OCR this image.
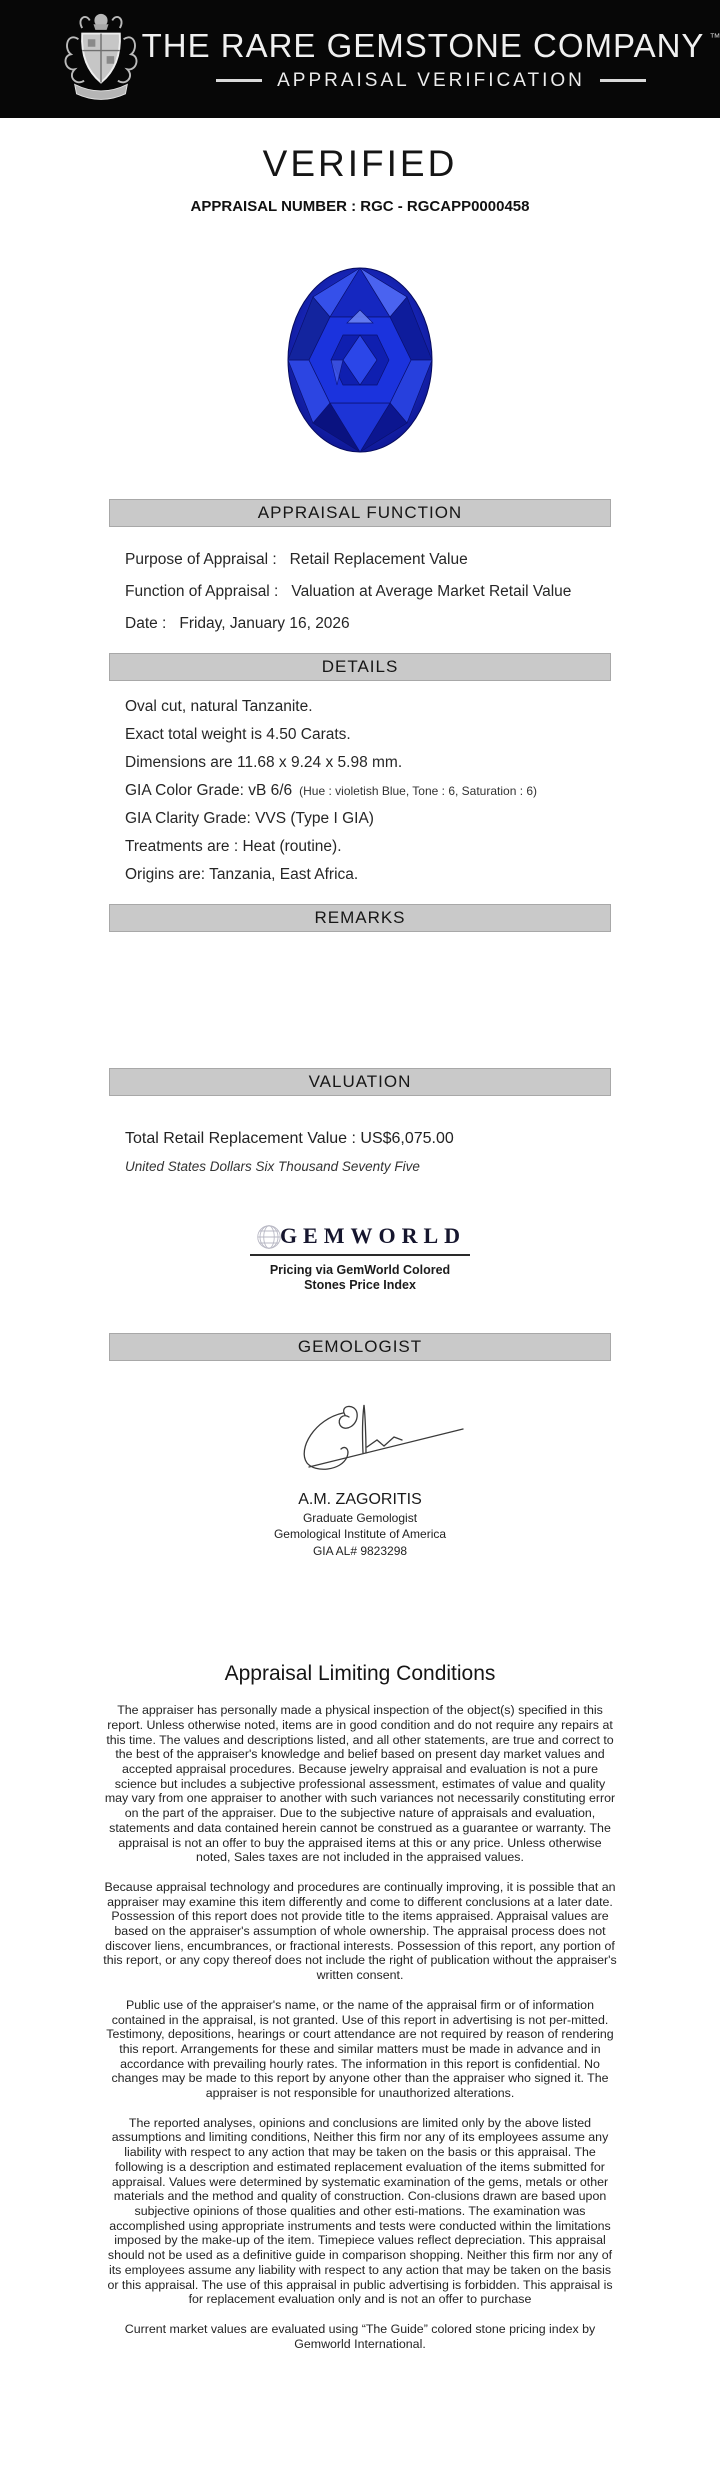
THE RARE GEMSTONE COMPANY ™
APPRAISAL VERIFICATION
VERIFIED
APPRAISAL NUMBER : RGC - RGCAPP0000458
APPRAISAL FUNCTION
Purpose of Appraisal : Retail Replacement Value
Function of Appraisal : Valuation at Average Market Retail Value
Date : Friday, January 16, 2026
DETAILS
Oval cut, natural Tanzanite.
Exact total weight is 4.50 Carats.
Dimensions are 11.68 x 9.24 x 5.98 mm.
GIA Color Grade: vB 6/6 (Hue : violetish Blue, Tone : 6, Saturation : 6)
GIA Clarity Grade: VVS (Type I GIA)
Treatments are : Heat (routine).
Origins are: Tanzania, East Africa.
REMARKS
VALUATION
Total Retail Replacement Value : US$6,075.00
United States Dollars Six Thousand Seventy Five
GEMWORLD
Pricing via GemWorld Colored
Stones Price Index
GEMOLOGIST
A.M. ZAGORITIS
Graduate Gemologist
Gemological Institute of America
GIA AL# 9823298
Appraisal Limiting Conditions

The appraiser has personally made a physical inspection of the object(s) specified in this report. Unless otherwise noted, items are in good condition and do not require any repairs at this time. The values and descriptions listed, and all other statements, are true and correct to the best of the appraiser's knowledge and belief based on present day market values and accepted appraisal procedures. Because jewelry appraisal and evaluation is not a pure science but includes a subjective professional assessment, estimates of value and quality may vary from one appraiser to another with such variances not necessarily constituting error on the part of the appraiser. Due to the subjective nature of appraisals and evaluation, statements and data contained herein cannot be construed as a guarantee or warranty. The appraisal is not an offer to buy the appraised items at this or any price. Unless otherwise noted, Sales taxes are not included in the appraised values.

Because appraisal technology and procedures are continually improving, it is possible that an appraiser may examine this item differently and come to different conclusions at a later date. Possession of this report does not provide title to the items appraised. Appraisal values are based on the appraiser's assumption of whole ownership. The appraisal process does not discover liens, encumbrances, or fractional interests. Possession of this report, any portion of this report, or any copy thereof does not include the right of publication without the appraiser's written consent.

Public use of the appraiser's name, or the name of the appraisal firm or of information contained in the appraisal, is not granted. Use of this report in advertising is not per-mitted. Testimony, depositions, hearings or court attendance are not required by reason of rendering this report. Arrangements for these and similar matters must be made in advance and in accordance with prevailing hourly rates. The information in this report is confidential. No changes may be made to this report by anyone other than the appraiser who signed it. The appraiser is not responsible for unauthorized alterations.

The reported analyses, opinions and conclusions are limited only by the above listed assumptions and limiting conditions, Neither this firm nor any of its employees assume any liability with respect to any action that may be taken on the basis or this appraisal. The following is a description and estimated replacement evaluation of the items submitted for appraisal. Values were determined by systematic examination of the gems, metals or other materials and the method and quality of construction. Con-clusions drawn are based upon subjective opinions of those qualities and other esti-mations. The examination was accomplished using appropriate instruments and tests were conducted within the limitations imposed by the make-up of the item. Timepiece values reflect depreciation. This appraisal should not be used as a definitive guide in comparison shopping. Neither this firm nor any of its employees assume any liability with respect to any action that may be taken on the basis or this appraisal. The use of this appraisal in public advertising is forbidden. This appraisal is for replacement evaluation only and is not an offer to purchase

Current market values are evaluated using “The Guide” colored stone pricing index by Gemworld International.
